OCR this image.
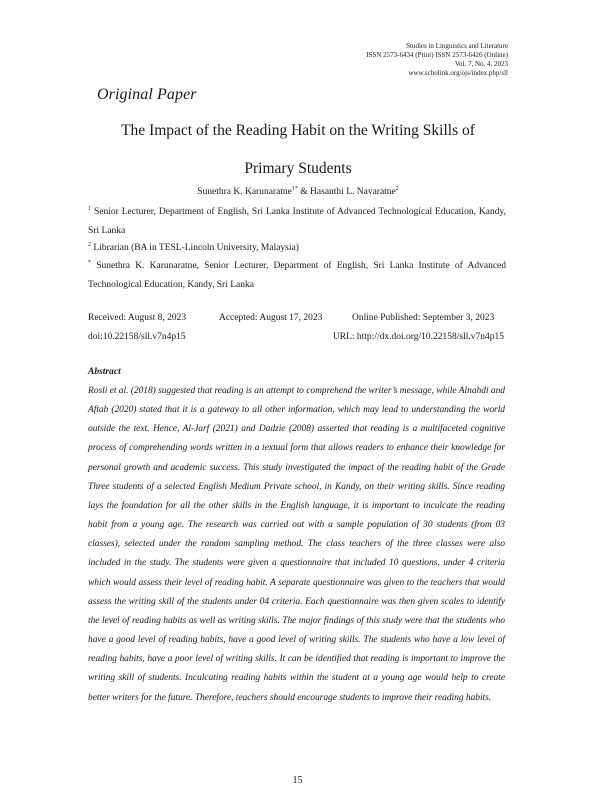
Studies in Linguistics and Literature
ISSN 2573-6434 (Print) ISSN 2573-6426 (Online)
Vol. 7, No. 4, 2023
www.scholink.org/ojs/index.php/sll
Original Paper
The Impact of the Reading Habit on the Writing Skills of
Primary Students
Sunethra K. Karunaratne$^{1*}$ & Hasanthi L. Navaratne$^2$
$^1$ Senior Lecturer, Department of English, Sri Lanka Institute of Advanced Technological Education, Kandy, Sri Lanka
$^2$ Librarian (BA in TESL-Lincoln University, Malaysia)
* Sunethra K. Karunaratne, Senior Lecturer, Department of English, Sri Lanka Institute of Advanced Technological Education, Kandy, Sri Lanka
Received: August 8, 2023	Accepted: August 17, 2023	Online Published: September 3, 2023
doi:10.22158/sll.v7n4p15	URL: http://dx.doi.org/10.22158/sll.v7n4p15
Abstract
Rosli et al. (2018) suggested that reading is an attempt to comprehend the writer’s message, while Alnahdi and Aftab (2020) stated that it is a gateway to all other information, which may lead to understanding the world outside the text. Hence, Al-Jarf (2021) and Dadzie (2008) asserted that reading is a multifaceted cognitive process of comprehending words written in a textual form that allows readers to enhance their knowledge for personal growth and academic success. This study investigated the impact of the reading habit of the Grade Three students of a selected English Medium Private school, in Kandy, on their writing skills. Since reading lays the foundation for all the other skills in the English language, it is important to inculcate the reading habit from a young age. The research was carried out with a sample population of 30 students (from 03 classes), selected under the random sampling method. The class teachers of the three classes were also included in the study. The students were given a questionnaire that included 10 questions, under 4 criteria which would assess their level of reading habit. A separate questionnaire was given to the teachers that would assess the writing skill of the students under 04 criteria. Each questionnaire was then given scales to identify the level of reading habits as well as writing skills. The major findings of this study were that the students who have a good level of reading habits, have a good level of writing skills. The students who have a low level of reading habits, have a poor level of writing skills. It can be identified that reading is important to improve the writing skill of students. Inculcating reading habits within the student at a young age would help to create better writers for the future. Therefore, teachers should encourage students to improve their reading habits.
15
